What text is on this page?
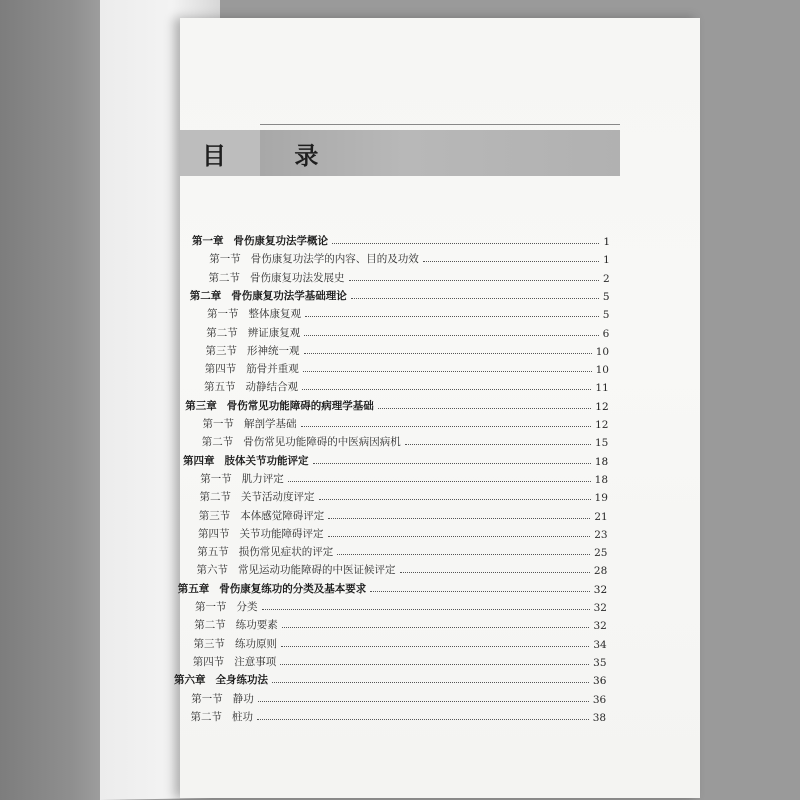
目 录
第一章 骨伤康复功法学概论	1
第一节 骨伤康复功法学的内容、目的及功效	1
第二节 骨伤康复功法发展史	2
第二章 骨伤康复功法学基础理论	5
第一节 整体康复观	5
第二节 辨证康复观	6
第三节 形神统一观	10
第四节 筋骨并重观	10
第五节 动静结合观	11
第三章 骨伤常见功能障碍的病理学基础	12
第一节 解剖学基础	12
第二节 骨伤常见功能障碍的中医病因病机	15
第四章 肢体关节功能评定	18
第一节 肌力评定	18
第二节 关节活动度评定	19
第三节 本体感觉障碍评定	21
第四节 关节功能障碍评定	23
第五节 损伤常见症状的评定	25
第六节 常见运动功能障碍的中医证候评定	28
第五章 骨伤康复练功的分类及基本要求	32
第一节 分类	32
第二节 练功要素	32
第三节 练功原则	34
第四节 注意事项	35
第六章 全身练功法	36
第一节 静功	36
第二节 桩功	38
